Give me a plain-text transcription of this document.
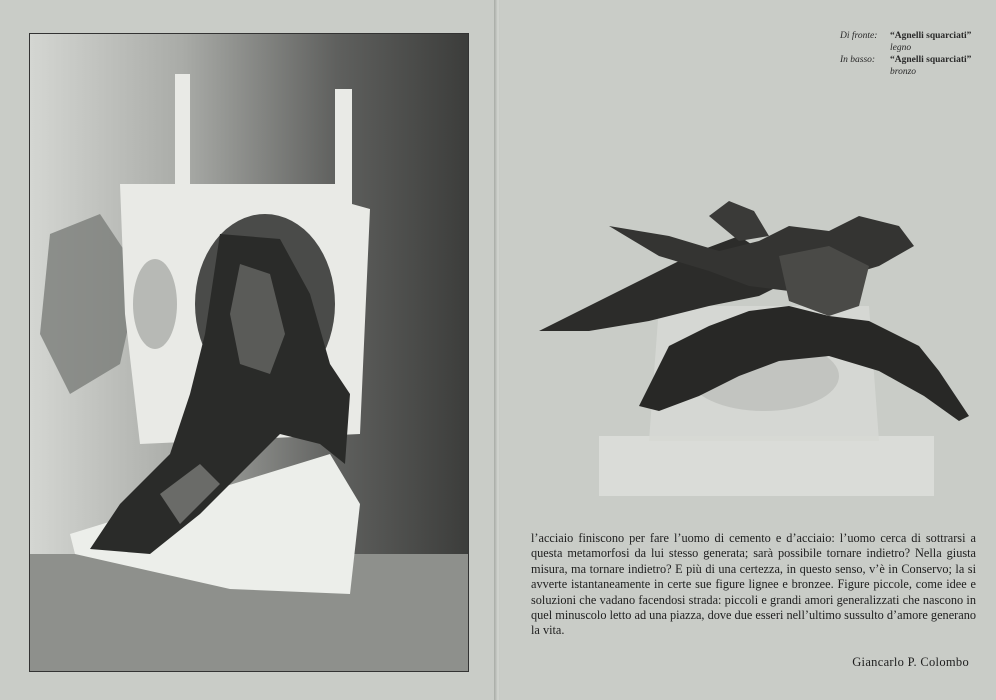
Di fronte:	“Agnelli squarciati”
legno
In basso:	“Agnelli squarciati”
bronzo

l’acciaio finiscono per fare l’uomo di cemento e d’acciaio: l’uomo cerca di sottrarsi a questa metamorfosi da lui stesso generata; sarà possibile tornare indietro? Nella giusta misura, ma tornare indietro? E più di una certezza, in questo senso, v’è in Conservo; la si avverte istantaneamente in certe sue figure lignee e bronzee. Figure piccole, come idee e soluzioni che vadano facendosi strada: piccoli e grandi amori generalizzati che nascono in quel minuscolo letto ad una piazza, dove due esseri nell’ultimo sussulto d’amore generano la vita.

Giancarlo P. Colombo
